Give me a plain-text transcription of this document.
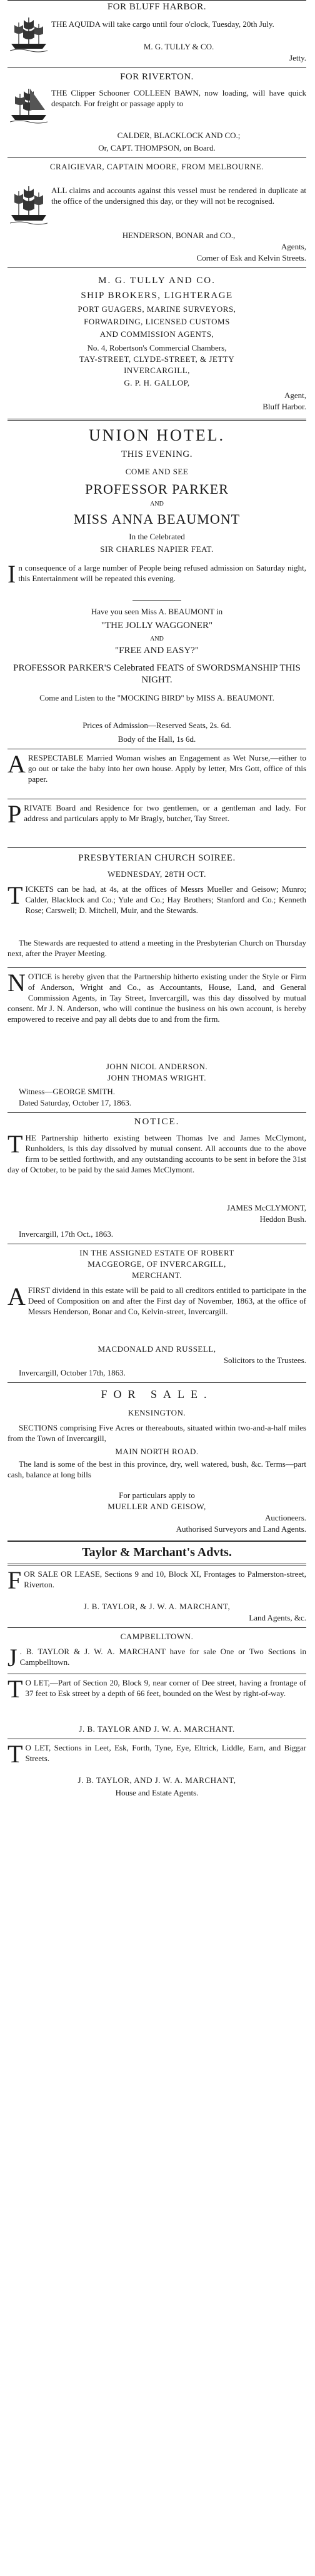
FOR BLUFF HARBOR.
THE AQUIDA will take cargo until four o'clock, Tuesday, 20th July.
M. G. TULLY & CO.
Jetty.
FOR RIVERTON.
THE Clipper Schooner COLLEEN BAWN, now loading, will have quick despatch. For freight or passage apply to
CALDER, BLACKLOCK AND CO.;
Or, CAPT. THOMPSON, on Board.
CRAIGIEVAR, CAPTAIN MOORE, FROM MELBOURNE.
ALL claims and accounts against this vessel must be rendered in duplicate at the office of the undersigned this day, or they will not be recognised.
HENDERSON, BONAR and CO.,
Agents,
Corner of Esk and Kelvin Streets.
M. G. TULLY AND CO.
SHIP BROKERS, LIGHTERAGE
PORT GUAGERS, MARINE SURVEYORS,
FORWARDING, LICENSED CUSTOMS
AND COMMISSION AGENTS,
No. 4, Robertson's Commercial Chambers,
TAY-STREET, CLYDE-STREET, & JETTY
INVERCARGILL,
G. P. H. GALLOP,
Agent,
Bluff Harbor.
UNION HOTEL.
THIS EVENING.
COME AND SEE
PROFESSOR PARKER
AND
MISS ANNA BEAUMONT
In the Celebrated
SIR CHARLES NAPIER FEAT.
In consequence of a large number of People being refused admission on Saturday night, this Entertainment will be repeated this evening.
Have you seen Miss A. BEAUMONT in
"THE JOLLY WAGGONER"
AND
"FREE AND EASY?"
PROFESSOR PARKER'S Celebrated FEATS of SWORDSMANSHIP THIS NIGHT.
Come and Listen to the "MOCKING BIRD" by MISS A. BEAUMONT.
Prices of Admission—Reserved Seats, 2s. 6d.
Body of the Hall, 1s 6d.
A RESPECTABLE Married Woman wishes an Engagement as Wet Nurse,—either to go out or take the baby into her own house. Apply by letter, Mrs Gott, office of this paper.
PRIVATE Board and Residence for two gentlemen, or a gentleman and lady. For address and particulars apply to Mr Bragly, butcher, Tay Street.
PRESBYTERIAN CHURCH SOIREE.
WEDNESDAY, 28TH OCT.
TICKETS can be had, at 4s, at the offices of Messrs Mueller and Geisow; Munro; Calder, Blacklock and Co.; Yule and Co.; Hay Brothers; Stanford and Co.; Kenneth Rose; Carswell; D. Mitchell, Muir, and the Stewards.
The Stewards are requested to attend a meeting in the Presbyterian Church on Thursday next, after the Prayer Meeting.
NOTICE is hereby given that the Partnership hitherto existing under the Style or Firm of Anderson, Wright and Co., as Accountants, House, Land, and General Commission Agents, in Tay Street, Invercargill, was this day dissolved by mutual consent. Mr J. N. Anderson, who will continue the business on his own account, is hereby empowered to receive and pay all debts due to and from the firm.
JOHN NICOL ANDERSON.
JOHN THOMAS WRIGHT.
Witness—GEORGE SMITH.
Dated Saturday, October 17, 1863.
NOTICE.
THE Partnership hitherto existing between Thomas Ive and James McClymont, Runholders, is this day dissolved by mutual consent. All accounts due to the above firm to be settled forthwith, and any outstanding accounts to be sent in before the 31st day of October, to be paid by the said James McClymont.
JAMES McCLYMONT,
Heddon Bush.
Invercargill, 17th Oct., 1863.
IN THE ASSIGNED ESTATE OF ROBERT
MACGEORGE, OF INVERCARGILL,
MERCHANT.
A FIRST dividend in this estate will be paid to all creditors entitled to participate in the Deed of Composition on and after the First day of November, 1863, at the office of Messrs Henderson, Bonar and Co, Kelvin-street, Invercargill.
MACDONALD AND RUSSELL,
Solicitors to the Trustees.
Invercargill, October 17th, 1863.
FOR SALE.
KENSINGTON.
SECTIONS comprising Five Acres or thereabouts, situated within two-and-a-half miles from the Town of Invercargill,
MAIN NORTH ROAD.
The land is some of the best in this province, dry, well watered, bush, &c. Terms—part cash, balance at long bills
For particulars apply to
MUELLER AND GEISOW,
Auctioneers.
Authorised Surveyors and Land Agents.
Taylor & Marchant's Advts.
FOR SALE OR LEASE, Sections 9 and 10, Block XI, Frontages to Palmerston-street, Riverton.
J. B. TAYLOR, & J. W. A. MARCHANT,
Land Agents, &c.
CAMPBELLTOWN.
J . B. TAYLOR & J. W. A. MARCHANT have for sale One or Two Sections in Campbelltown.
T O LET,—Part of Section 20, Block 9, near corner of Dee street, having a frontage of 37 feet to Esk street by a depth of 66 feet, bounded on the West by right-of-way.
J. B. TAYLOR AND J. W. A. MARCHANT.
T O LET, Sections in Leet, Esk, Forth, Tyne, Eye, Eltrick, Liddle, Earn, and Biggar Streets.
J. B. TAYLOR, AND J. W. A. MARCHANT,
House and Estate Agents.
